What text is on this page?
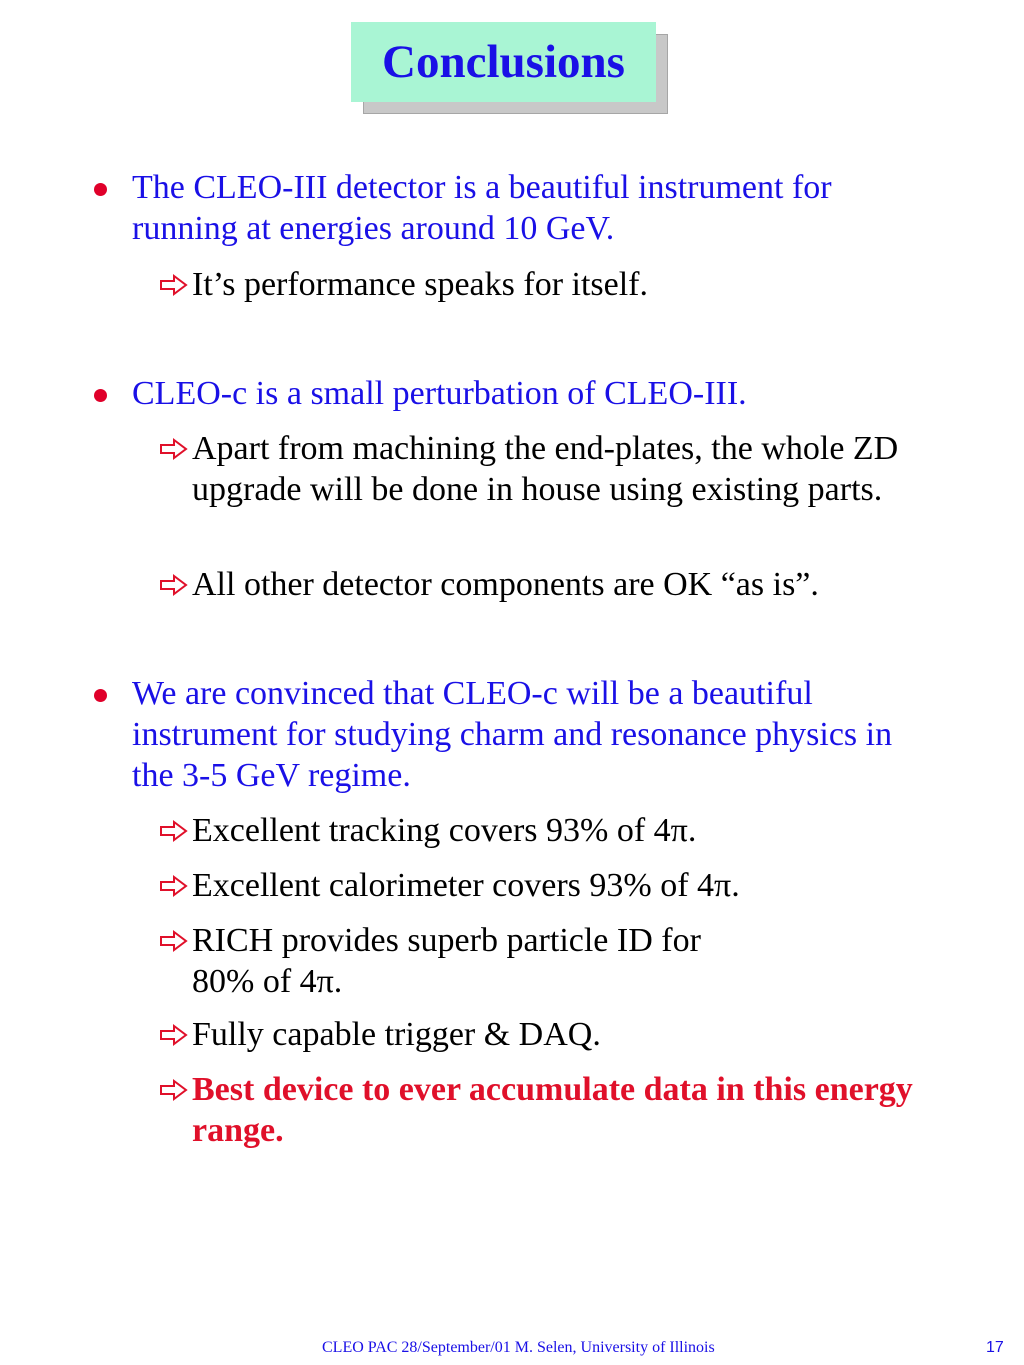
Conclusions
The CLEO-III detector is a beautiful instrument for running at energies around 10 GeV.
It’s performance speaks for itself.
CLEO-c is a small perturbation of CLEO-III.
Apart from machining the end-plates, the whole ZD upgrade will be done in house using existing parts.
All other detector components are OK “as is”.
We are convinced that CLEO-c will be a beautiful instrument for studying charm and resonance physics in the 3-5 GeV regime.
Excellent tracking covers 93% of 4π.
Excellent calorimeter covers 93% of 4π.
RICH provides superb particle ID for 80% of 4π.
Fully capable trigger & DAQ.
Best device to ever accumulate data in this energy range.
CLEO PAC 28/September/01 M. Selen, University of Illinois	17
